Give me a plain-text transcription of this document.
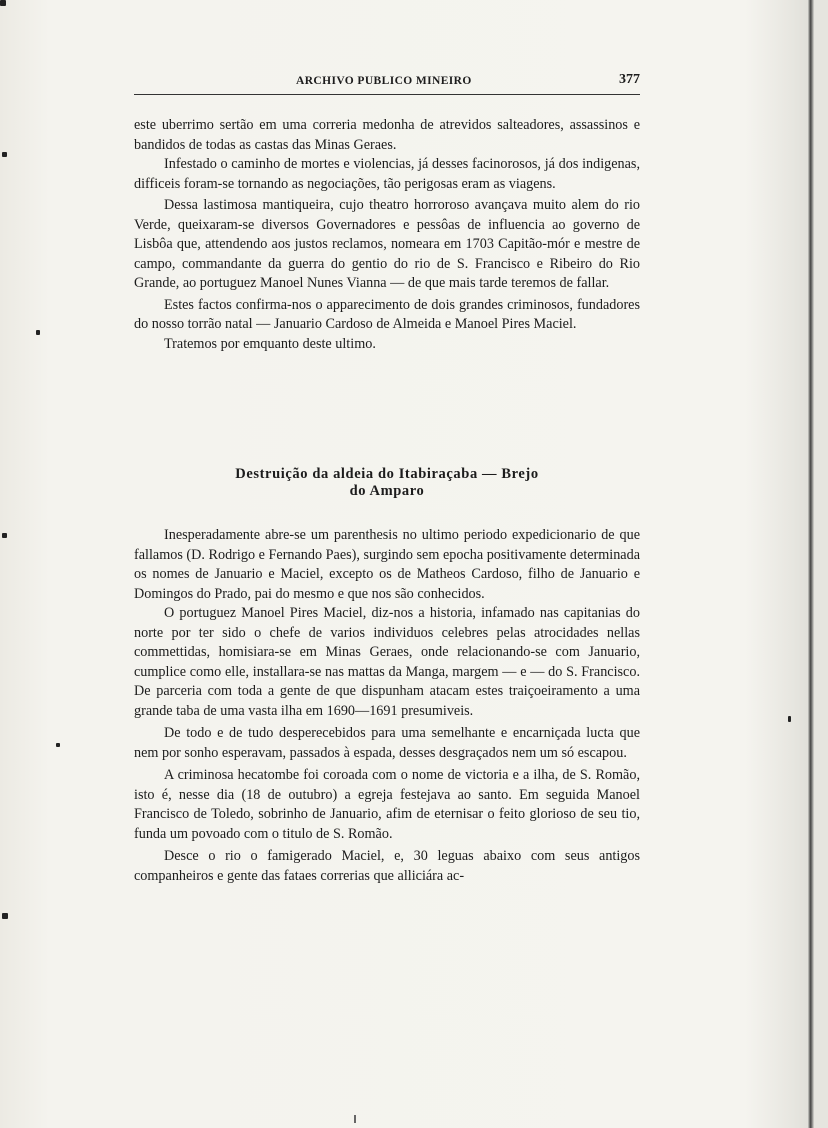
ARCHIVO PUBLICO MINEIRO	377

este uberrimo sertão em uma correria medonha de atrevidos salteadores, assassinos e bandidos de todas as castas das Minas Geraes.

Infestado o caminho de mortes e violencias, já desses facinorosos, já dos indigenas, difficeis foram-se tornando as negociações, tão perigosas eram as viagens.

Dessa lastimosa mantiqueira, cujo theatro horroroso avançava muito alem do rio Verde, queixaram-se diversos Governadores e pessôas de influencia ao governo de Lisbôa que, attendendo aos justos reclamos, nomeara em 1703 Capitão-mór e mestre de campo, commandante da guerra do gentio do rio de S. Francisco e Ribeiro do Rio Grande, ao portuguez Manoel Nunes Vianna — de que mais tarde teremos de fallar.

Estes factos confirma-nos o apparecimento de dois grandes criminosos, fundadores do nosso torrão natal — Januario Cardoso de Almeida e Manoel Pires Maciel.

Tratemos por emquanto deste ultimo.

Destruição da aldeia do Itabiraçaba — Brejo
do Amparo

Inesperadamente abre-se um parenthesis no ultimo periodo expedicionario de que fallamos (D. Rodrigo e Fernando Paes), surgindo sem epocha positivamente determinada os nomes de Januario e Maciel, excepto os de Matheos Cardoso, filho de Januario e Domingos do Prado, pai do mesmo e que nos são conhecidos.

O portuguez Manoel Pires Maciel, diz-nos a historia, infamado nas capitanias do norte por ter sido o chefe de varios individuos celebres pelas atrocidades nellas commettidas, homisiara-se em Minas Geraes, onde relacionando-se com Januario, cumplice como elle, installara-se nas mattas da Manga, margem — e — do S. Francisco. De parceria com toda a gente de que dispunham atacam estes traiçoeiramento a uma grande taba de uma vasta ilha em 1690—1691 presumiveis.

De todo e de tudo desperecebidos para uma semelhante e encarniçada lucta que nem por sonho esperavam, passados à espada, desses desgraçados nem um só escapou.

A criminosa hecatombe foi coroada com o nome de victoria e a ilha, de S. Romão, isto é, nesse dia (18 de outubro) a egreja festejava ao santo. Em seguida Manoel Francisco de Toledo, sobrinho de Januario, afim de eternisar o feito glorioso de seu tio, funda um povoado com o titulo de S. Romão.

Desce o rio o famigerado Maciel, e, 30 leguas abaixo com seus antigos companheiros e gente das fataes correrias que alliciára ac-
